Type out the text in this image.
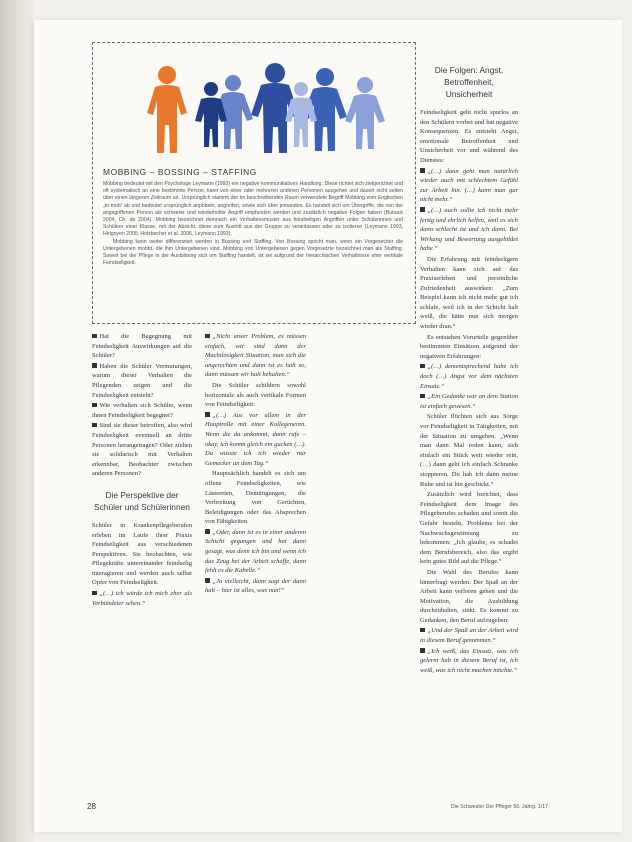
MOBBING – BOSSING – STAFFING

Mobbing bedeutet mit den Psychologe Leymann (1993) ein negative kommunikatives Handlung. Diese richtet sich zielgerichtet und oft systematisch an eine bestimmte Person, kann von einer oder mehreren anderen Personen ausgehen und dauert nicht selten über einen längeren Zeitraum an. Ursprünglich stammt der im beschreibenden Raum verwendete Begriff Mobbing vom Englischen „to mob“ ab und bedeutet ursprünglich anpöbeln, angreifen, sowie sich über jemanden. Es handelt sich um Übergriffe, die von der angegriffenen Person als schwerer und wiederholter Angriff empfunden werden und zusätzlich negative Folgen haben (Buback 2004, Ch. de 2004). Mobbing bezeichnet demnach ein Verhaltensmuster aus feindseligen Angriffen unter Schülerinnen und Schülern einer Klasse, mit der Absicht, diese zum Austritt aus der Gruppe zu veranlassen oder zu isolieren (Leymann 1993, Hirigoyen 2000, Holzbecher et al. 2006, Leymann 1993).

Mobbing kann weiter differenziert werden in Bossing und Staffing. Von Bossing spricht man, wenn ein Vorgesetzter die Untergebenen mobbt, die ihm Untergebenen sind. Mobbing von Untergebenen gegen Vorgesetzte bezeichnet man als Staffing. Soweit bei der Pflege in der Ausbildung sich um Staffing handelt, ist sie aufgrund der hierarchischen Verhältnisse eher vertikale Feindseligkeit.

Hat die Begegnung mit Feindseligkeit Auswirkungen auf die Schüler?

Haben die Schüler Vermutungen, warum dieser Verhalten die Pflegenden zeigen und die Feindseligkeit entsteht?

Wie verhalten sich Schüler, wenn ihnen Feindseligkeit begegnet?

Sind sie dieser betroffen, also wird Feindseligkeit eventuell an dritte Personen herangetragen? Oder ziehen sie solidarisch mit Verhalten erkennbar, Beobachter zwischen anderen Personen?

Die Perspektive der Schüler und Schülerinnen

Schüler in Krankenpflegeberufen erleben im Laufe ihrer Praxis Feindseligkeit aus verschiedenen Perspektiven. Sie beobachten, wie Pflegekräfte untereinander feindselig interagieren und werden auch selbst Opfer von Feindseligkeit.

„(…) ich würde ich mich eher als Verbündeter sehen.“

„Nicht unser Problem, es müssen einfach, wir sind dann der Machtlosigkeit Situation, man sich die ungerechten und dann ist es halt so, dann müssen wir halt behalten.“

Die Schüler schildern sowohl horizontale als auch vertikale Formen von Feindseligkeit:

„(…) Aus vor allem in der Hauptrolle mit einer Kollegeneren. Wenn die da ankommt, dann rufe – okay, ich komm gleich ein gucken (…). Da wusste ich ich wieder nur Gemecker an dem Tag.“

Hauptsächlich handelt es sich um offene Feindseligkeiten, wie Lästereien, Demütigungen, die Verbreitung von Gerüchten, Beleidigungen oder das Absprechen von Fähigkeiten.

„Oder, dann ist es in einer anderen Schicht gegangen und hat dann gesagt, was denn ich bin und wenn ich das Zeug bei der Arbeit schaffe, dann fehlt es die Kabelle.“

„Ja vielleicht, dann sagt der dann halt – hier ist alles, was nun!“

Die Folgen: Angst, Betroffenheit, Unsicherheit

Feindseligkeit geht nicht spurlos an den Schülern vorbei und hat negative Konsequenzen. Es entsteht Angst, emotionale Betroffenheit und Unsicherheit vor und während des Dienstes:

„(…) dann geht man natürlich wieder auch mit schlechtem Gefühl zur Arbeit hin. (…) kann man gar nicht mehr.“

„(…) auch sollte ich nicht mehr fertig und ehrlich helfen, weil es sich dann schlecht ist und ich dann. Bei Wirkung und Bewertung ausgebildet habe.“

Die Erfahrung mit feindseligem Verhalten kann sich auf das Praxiserleben und persönliche Zufriedenheit auswirken: „Zum Beispiel kann ich nicht mehr gut ich schlafe, weil ich in der Schicht halt weiß, die hätte nun sich morgen wieder dran.“

Es entstehen Vorurteile gegenüber bestimmten Einsätzen aufgrund der negativen Erfahrungen:

„(…) dementsprechend habe ich doch (…) Angst vor dem nächsten Einsatz.“

„Ein Gedanke war an dem Station ist einfach gewesen.“

Schüler flüchten sich aus Sorge vor Feindseligkeit in Tätigkeiten, mit der Situation zu umgehen. „Wenn man dann Mal reden kann, sich einfach ein Stück weit wieder rein, (…) dann geht ich einfach Schranke stoppieren. Du hab ich dann meine Ruhe und ist hin geschickt.“

Zusätzlich wird berichtet, dass Feindseligkeit dem Image des Pflegeberufes schaden und somit die Gefahr besteht, Probleme bei der Nachwuchsgewinnung zu bekommen: „Ich glaube, es schadet dem Berufsbereich, also das ergibt kein gutes Bild auf die Pflege.“

Die Wahl des Berufes kann hinterfragt werden. Der Spaß an der Arbeit kann verloren gehen und die Motivation, die Ausbildung durchzuhalten, sinkt. Es kommt zu Gedanken, den Beruf aufzugeben:

„Und der Spaß an der Arbeit wird in diesem Beruf genommen.“

„Ich weiß, das Einsatz, was ich gelernt hab in diesem Beruf ist, ich weiß, was ich nicht machen möchte.“

28	Die Schwester Der Pfleger 56. Jahrg. 1/17
